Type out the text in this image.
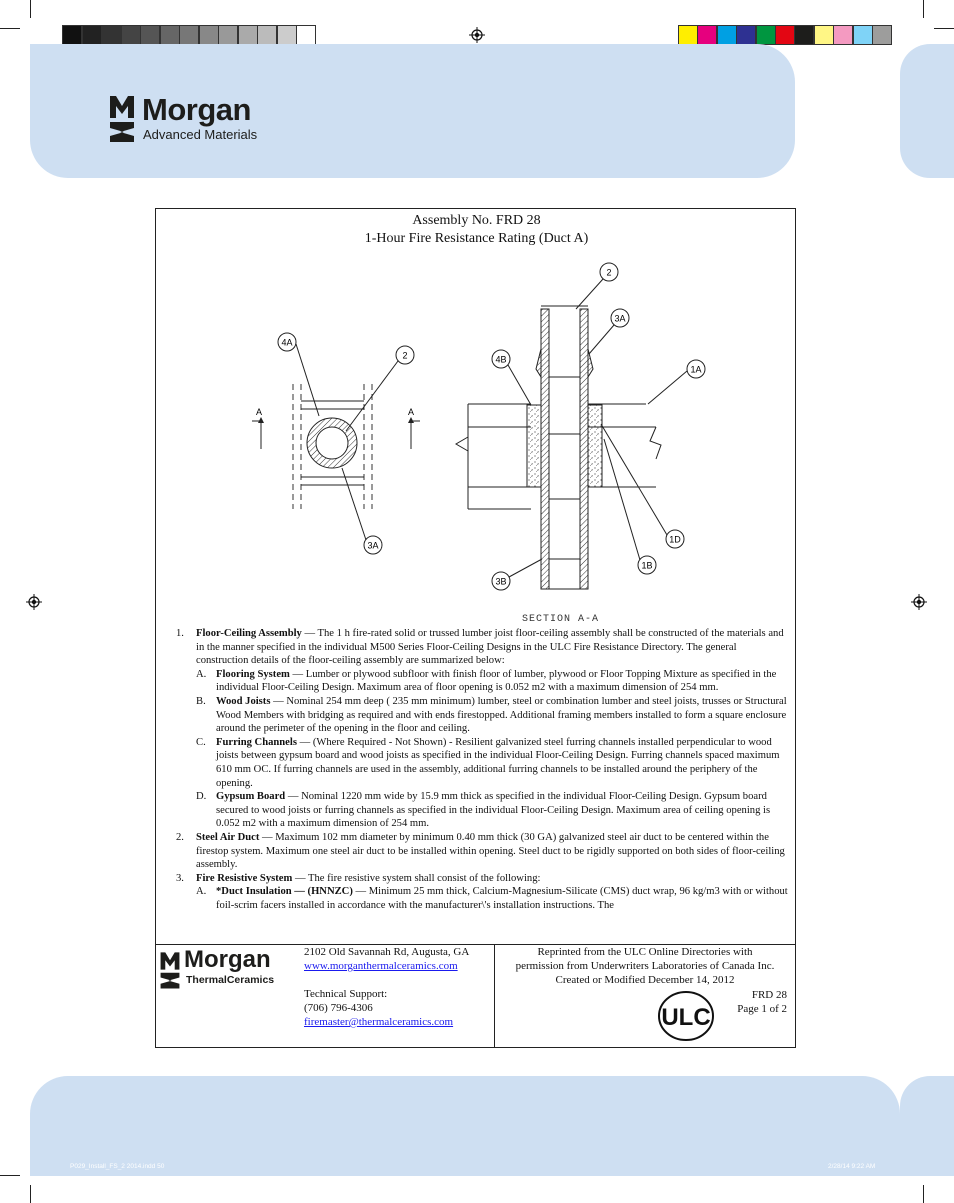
Morgan
Advanced Materials
Assembly No. FRD 28
1-Hour Fire Resistance Rating (Duct A)
A	A
SECTION A-A
4A
2
3A
2
3A
4B
1A
1D
1B
3B
1. Floor-Ceiling Assembly — The 1 h fire-rated solid or trussed lumber joist floor-ceiling assembly shall be constructed of the materials and in the manner specified in the individual M500 Series Floor-Ceiling Designs in the ULC Fire Resistance Directory. The general construction details of the floor-ceiling assembly are summarized below:
A. Flooring System — Lumber or plywood subfloor with finish floor of lumber, plywood or Floor Topping Mixture as specified in the individual Floor-Ceiling Design. Maximum area of floor opening is 0.052 m2 with a maximum dimension of 254 mm.
B. Wood Joists — Nominal 254 mm deep ( 235 mm minimum) lumber, steel or combination lumber and steel joists, trusses or Structural Wood Members with bridging as required and with ends firestopped. Additional framing members installed to form a square enclosure around the perimeter of the opening in the floor and ceiling.
C. Furring Channels — (Where Required - Not Shown) - Resilient galvanized steel furring channels installed perpendicular to wood joists between gypsum board and wood joists as specified in the individual Floor-Ceiling Design. Furring channels spaced maximum 610 mm OC. If furring channels are used in the assembly, additional furring channels to be installed around the periphery of the opening.
D. Gypsum Board — Nominal 1220 mm wide by 15.9 mm thick as specified in the individual Floor-Ceiling Design. Gypsum board secured to wood joists or furring channels as specified in the individual Floor-Ceiling Design. Maximum area of ceiling opening is 0.052 m2 with a maximum dimension of 254 mm.
2. Steel Air Duct — Maximum 102 mm diameter by minimum 0.40 mm thick (30 GA) galvanized steel air duct to be centered within the firestop system. Maximum one steel air duct to be installed within opening. Steel duct to be rigidly supported on both sides of floor-ceiling assembly.
3. Fire Resistive System — The fire resistive system shall consist of the following:
A. *Duct Insulation — (HNNZC) — Minimum 25 mm thick, Calcium-Magnesium-Silicate (CMS) duct wrap, 96 kg/m3 with or without foil-scrim facers installed in accordance with the manufacturer\'s installation instructions. The
Morgan
ThermalCeramics
2102 Old Savannah Rd, Augusta, GA
www.morganthermalceramics.com
Technical Support:
(706) 796-4306
firemaster@thermalceramics.com
Reprinted from the ULC Online Directories with
permission from Underwriters Laboratories of Canada Inc.
Created or Modified December 14, 2012
FRD 28
Page 1 of 2
ULC
P029_Install_FS_2 2014.indd 50	2/28/14 9:22 AM
